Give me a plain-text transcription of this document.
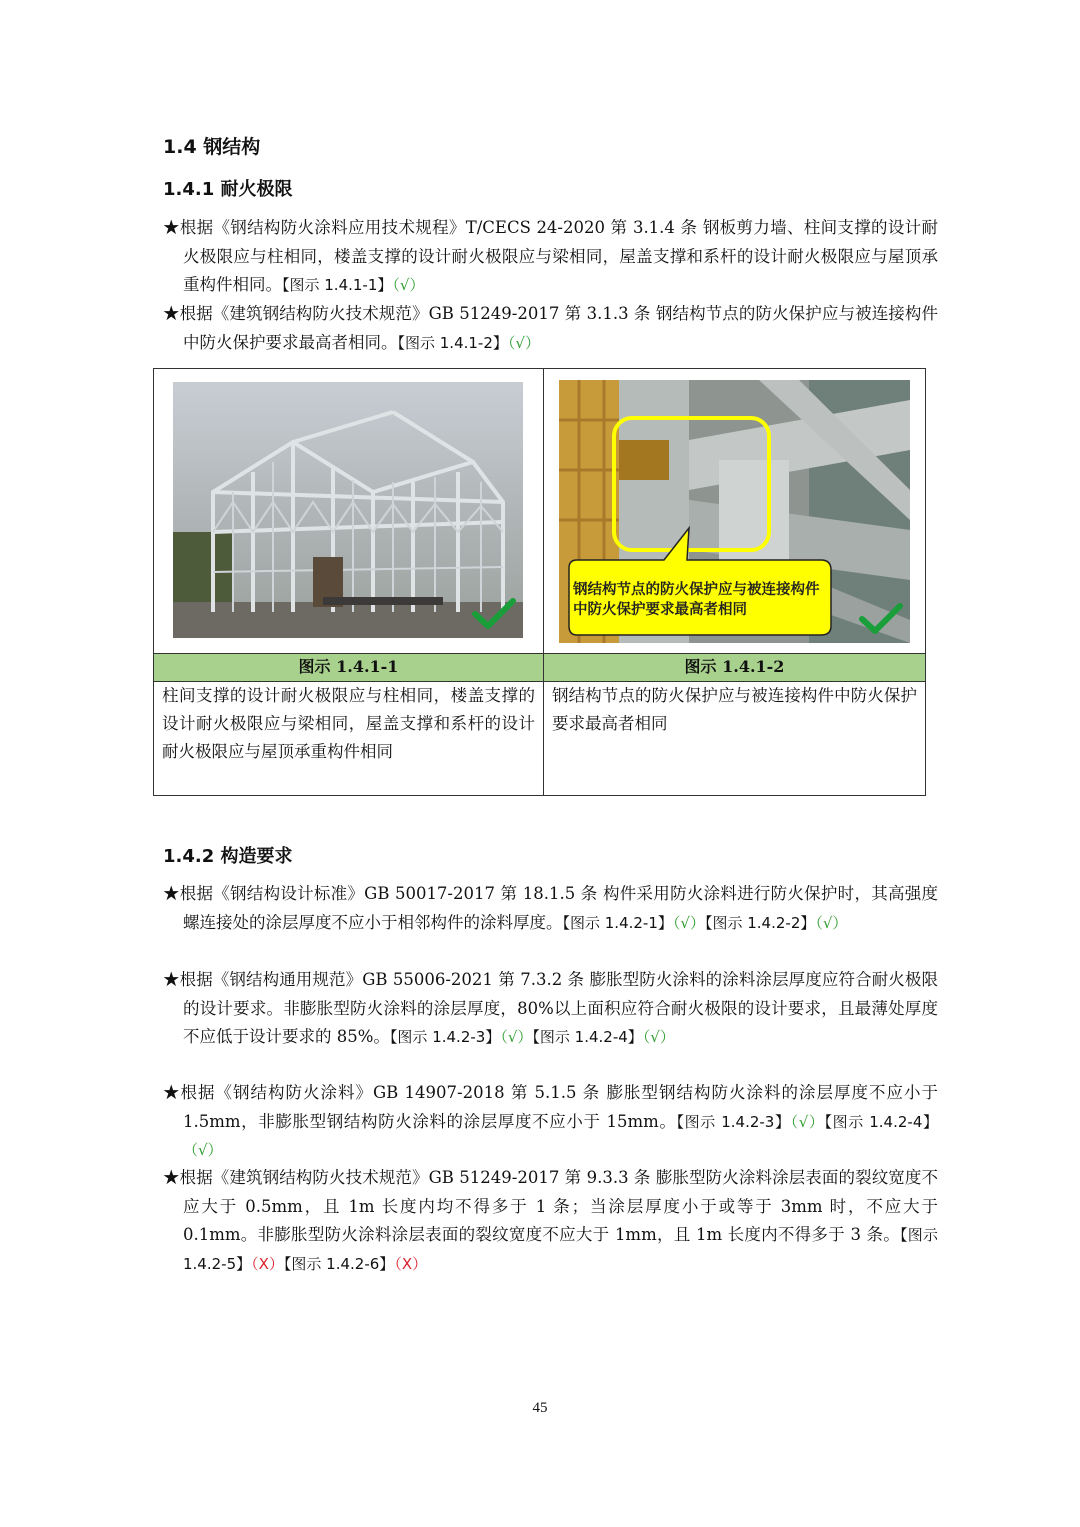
1.4 钢结构
1.4.1 耐火极限
★根据《钢结构防火涂料应用技术规程》T/CECS 24-2020 第 3.1.4 条 钢板剪力墙、柱间支撑的设计耐火极限应与柱相同，楼盖支撑的设计耐火极限应与梁相同，屋盖支撑和系杆的设计耐火极限应与屋顶承重构件相同。【图示 1.4.1-1】（√）
★根据《建筑钢结构防火技术规范》GB 51249-2017 第 3.1.3 条 钢结构节点的防火保护应与被连接构件中防火保护要求最高者相同。【图示 1.4.1-2】（√）
钢结构节点的防火保护应与被连接构件中防火保护要求最高者相同
图示 1.4.1-1	图示 1.4.1-2
柱间支撑的设计耐火极限应与柱相同，楼盖支撑的设计耐火极限应与梁相同，屋盖支撑和系杆的设计耐火极限应与屋顶承重构件相同
钢结构节点的防火保护应与被连接构件中防火保护要求最高者相同
1.4.2 构造要求
★根据《钢结构设计标准》GB 50017-2017 第 18.1.5 条 构件采用防火涂料进行防火保护时，其高强度螺连接处的涂层厚度不应小于相邻构件的涂料厚度。【图示 1.4.2-1】（√）【图示 1.4.2-2】（√）
★根据《钢结构通用规范》GB 55006-2021 第 7.3.2 条 膨胀型防火涂料的涂料涂层厚度应符合耐火极限的设计要求。非膨胀型防火涂料的涂层厚度，80%以上面积应符合耐火极限的设计要求，且最薄处厚度不应低于设计要求的 85%。【图示 1.4.2-3】（√）【图示 1.4.2-4】（√）
★根据《钢结构防火涂料》GB 14907-2018 第 5.1.5 条 膨胀型钢结构防火涂料的涂层厚度不应小于 1.5mm，非膨胀型钢结构防火涂料的涂层厚度不应小于 15mm。【图示 1.4.2-3】（√）【图示 1.4.2-4】（√）
★根据《建筑钢结构防火技术规范》GB 51249-2017 第 9.3.3 条 膨胀型防火涂料涂层表面的裂纹宽度不应大于 0.5mm，且 1m 长度内均不得多于 1 条；当涂层厚度小于或等于 3mm 时，不应大于 0.1mm。非膨胀型防火涂料涂层表面的裂纹宽度不应大于 1mm，且 1m 长度内不得多于 3 条。【图示 1.4.2-5】（X）【图示 1.4.2-6】（X）
45
